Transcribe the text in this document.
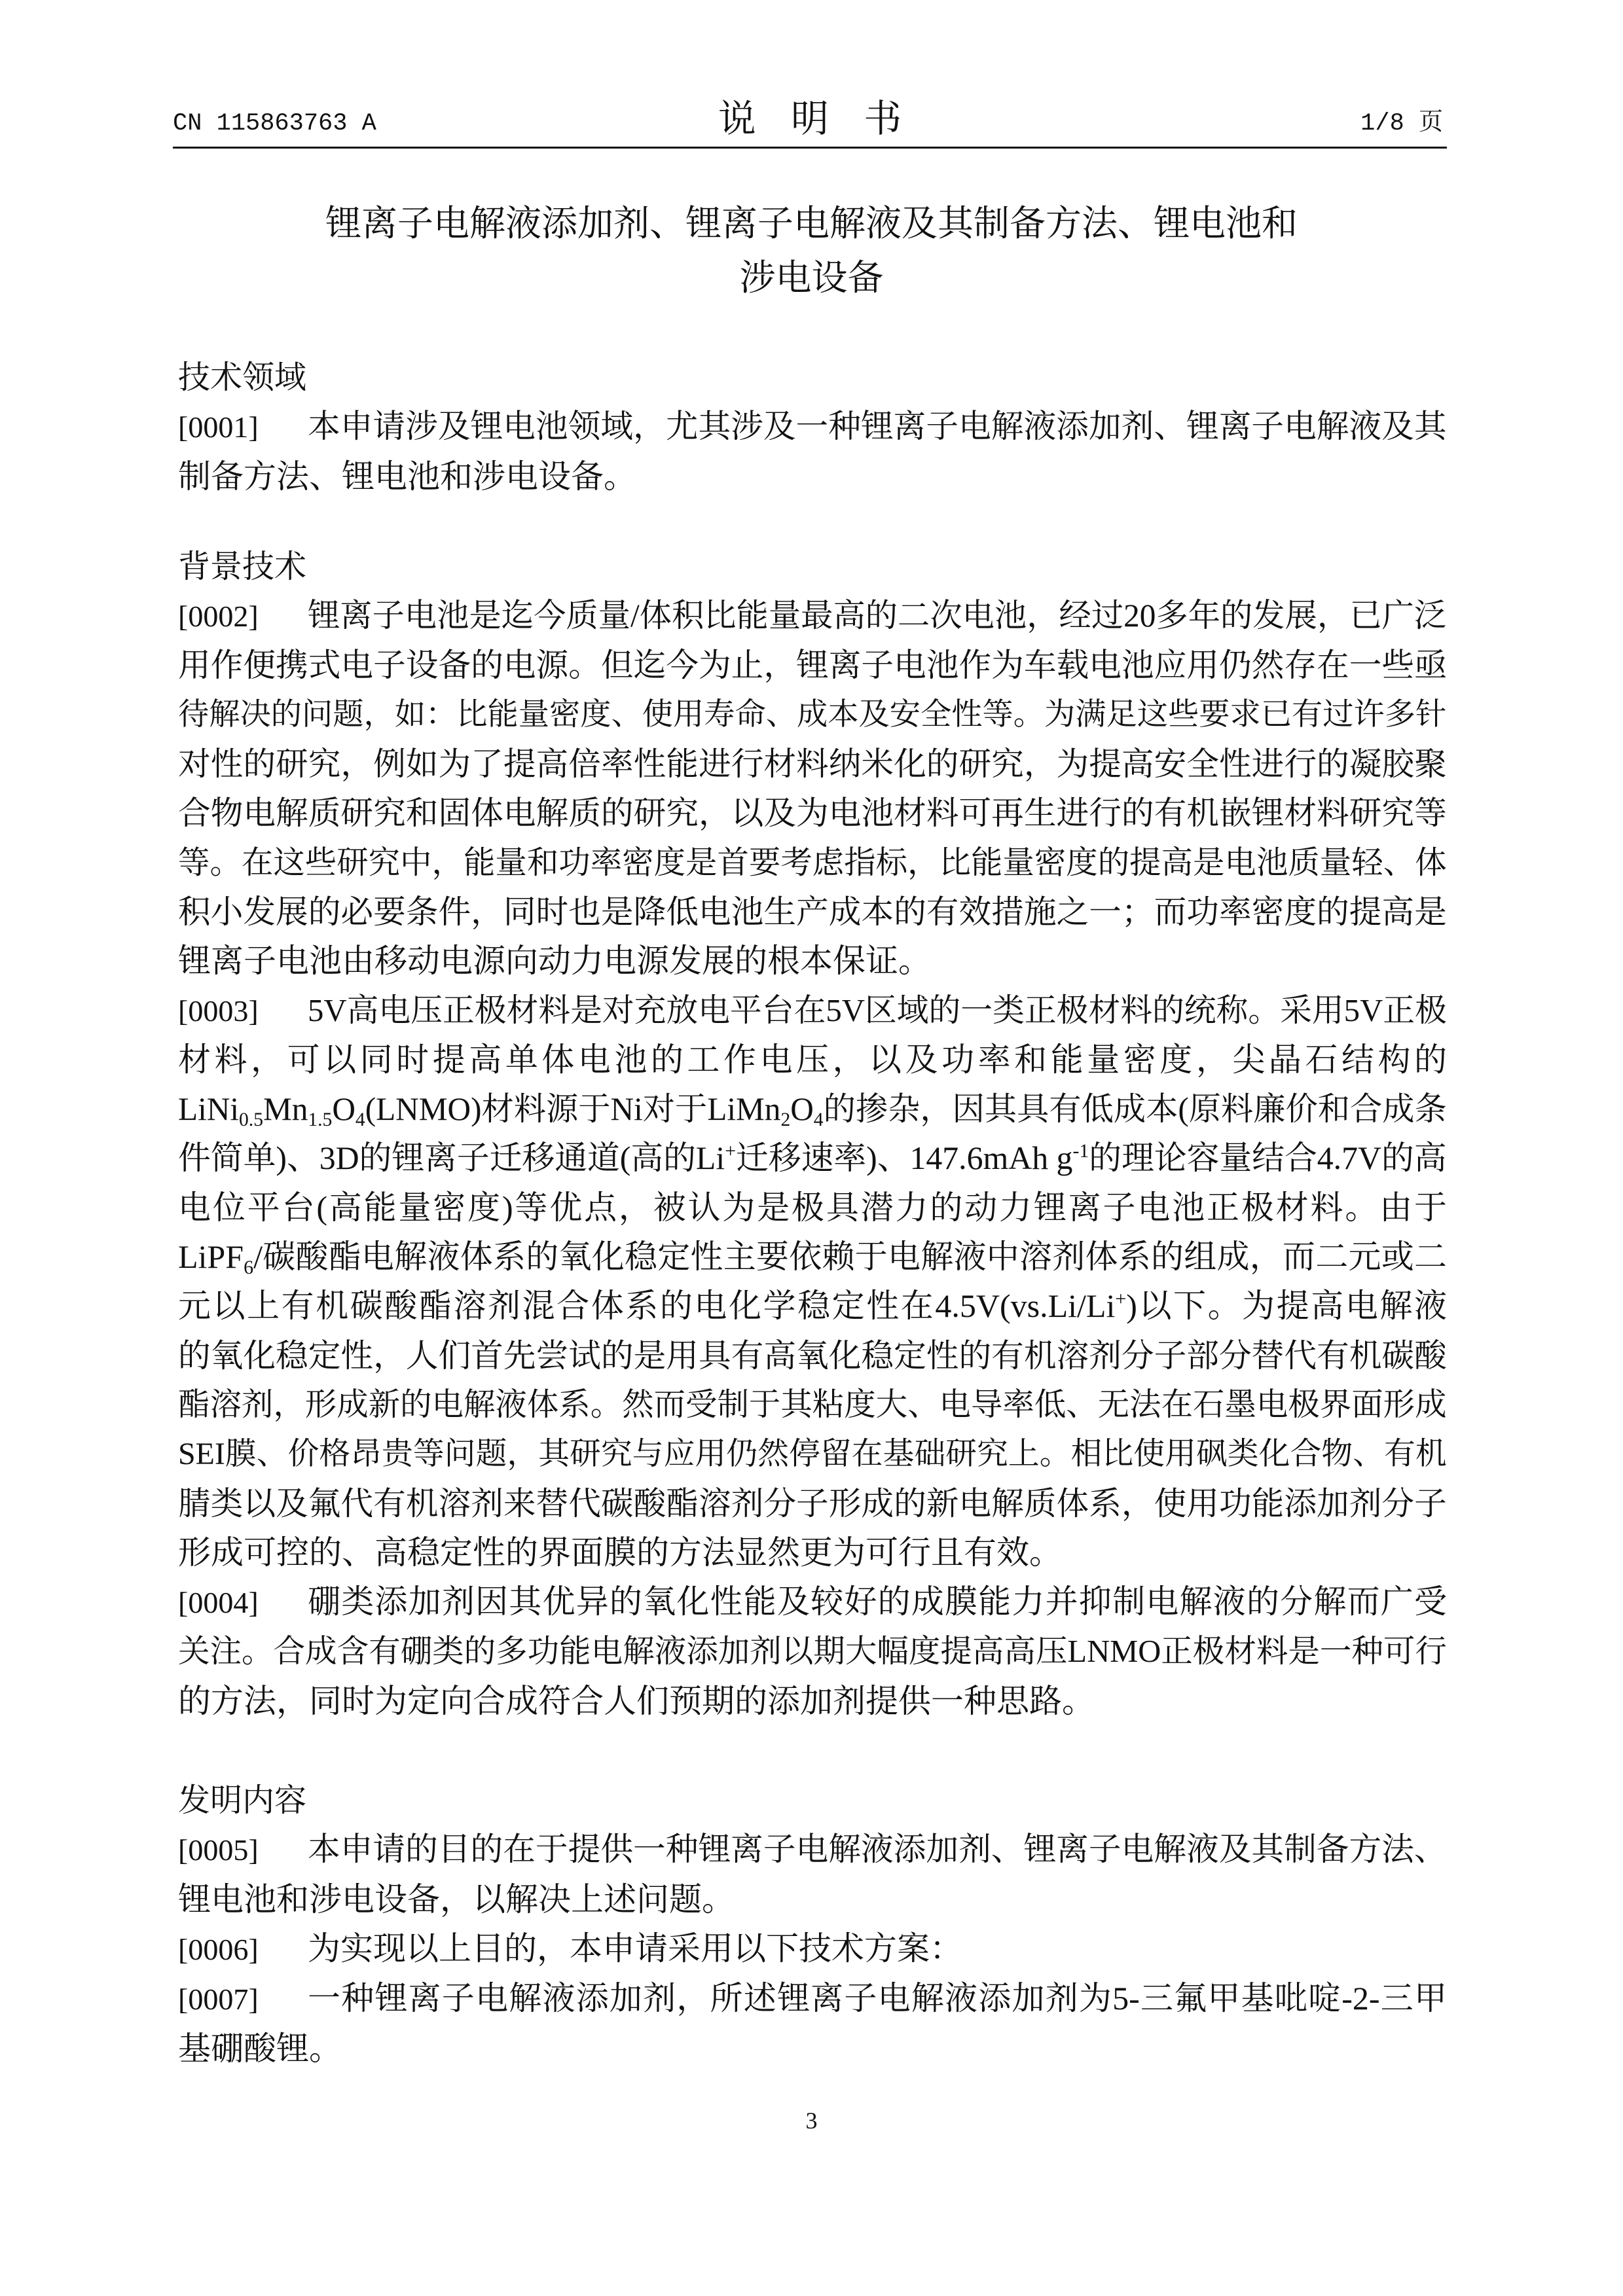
CN 115863763 A	说 明 书	1/8 页
锂离子电解液添加剂、锂离子电解液及其制备方法、锂电池和
涉电设备
技术领域
[0001]	本申请涉及锂电池领域，尤其涉及一种锂离子电解液添加剂、锂离子电解液及其
制备方法、锂电池和涉电设备。
背景技术
[0002]	锂离子电池是迄今质量/体积比能量最高的二次电池，经过20多年的发展，已广泛
用作便携式电子设备的电源。但迄今为止，锂离子电池作为车载电池应用仍然存在一些亟
待解决的问题，如：比能量密度、使用寿命、成本及安全性等。为满足这些要求已有过许多针
对性的研究，例如为了提高倍率性能进行材料纳米化的研究，为提高安全性进行的凝胶聚
合物电解质研究和固体电解质的研究，以及为电池材料可再生进行的有机嵌锂材料研究等
等。在这些研究中，能量和功率密度是首要考虑指标，比能量密度的提高是电池质量轻、体
积小发展的必要条件，同时也是降低电池生产成本的有效措施之一；而功率密度的提高是
锂离子电池由移动电源向动力电源发展的根本保证。
[0003]	5V高电压正极材料是对充放电平台在5V区域的一类正极材料的统称。采用5V正极
材料，可以同时提高单体电池的工作电压，以及功率和能量密度，尖晶石结构的
LiNi0.5Mn1.5O4(LNMO)材料源于Ni对于LiMn2O4的掺杂，因其具有低成本(原料廉价和合成条
件简单)、3D的锂离子迁移通道(高的Li+迁移速率)、147.6mAh $g^{-1}$的理论容量结合4.7V的高
电位平台(高能量密度)等优点，被认为是极具潜力的动力锂离子电池正极材料。由于
LiPF6/碳酸酯电解液体系的氧化稳定性主要依赖于电解液中溶剂体系的组成，而二元或二
元以上有机碳酸酯溶剂混合体系的电化学稳定性在4.5V(vs.Li/Li+)以下。为提高电解液
的氧化稳定性，人们首先尝试的是用具有高氧化稳定性的有机溶剂分子部分替代有机碳酸
酯溶剂，形成新的电解液体系。然而受制于其粘度大、电导率低、无法在石墨电极界面形成
SEI膜、价格昂贵等问题，其研究与应用仍然停留在基础研究上。相比使用砜类化合物、有机
腈类以及氟代有机溶剂来替代碳酸酯溶剂分子形成的新电解质体系，使用功能添加剂分子
形成可控的、高稳定性的界面膜的方法显然更为可行且有效。
[0004]	硼类添加剂因其优异的氧化性能及较好的成膜能力并抑制电解液的分解而广受
关注。合成含有硼类的多功能电解液添加剂以期大幅度提高高压LNMO正极材料是一种可行
的方法，同时为定向合成符合人们预期的添加剂提供一种思路。
发明内容
[0005]	本申请的目的在于提供一种锂离子电解液添加剂、锂离子电解液及其制备方法、
锂电池和涉电设备，以解决上述问题。
[0006]	为实现以上目的，本申请采用以下技术方案：
[0007]	一种锂离子电解液添加剂，所述锂离子电解液添加剂为5-三氟甲基吡啶-2-三甲
基硼酸锂。
3
